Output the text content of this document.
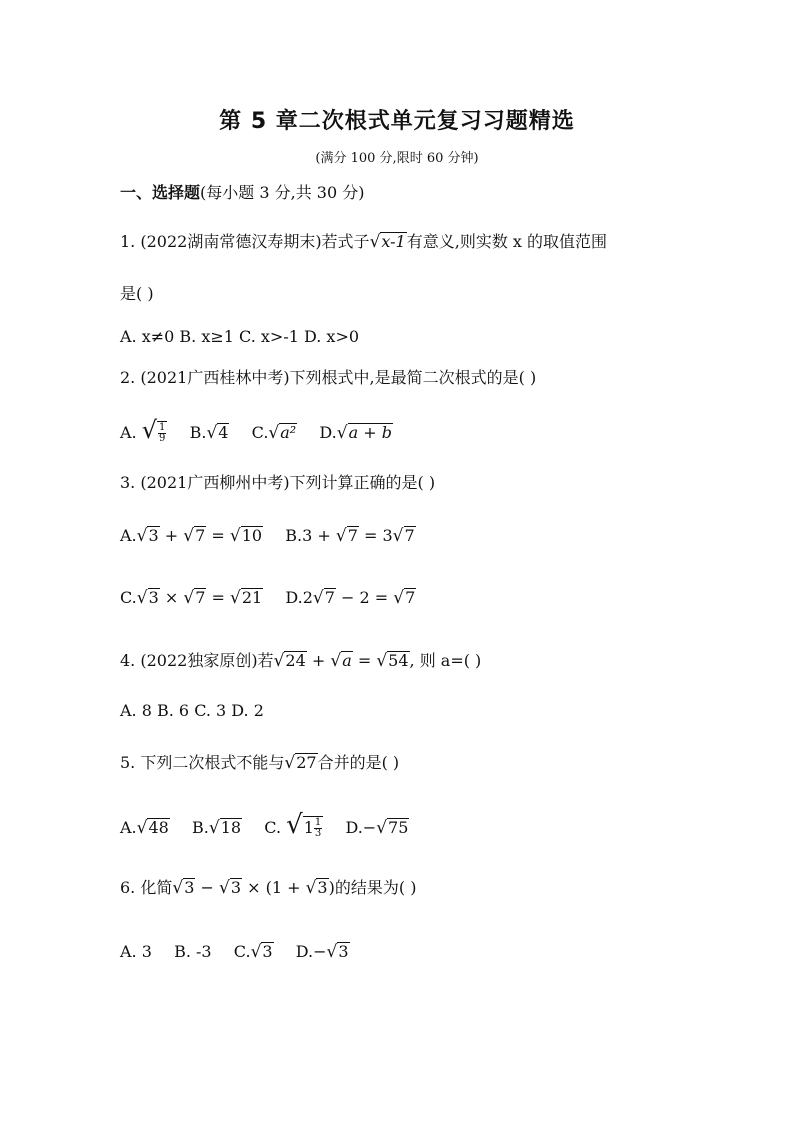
第 5 章二次根式单元复习习题精选
(满分 100 分,限时 60 分钟)
一、选择题(每小题 3 分,共 30 分)
1. (2022湖南常德汉寿期末)若式子√x-1有意义,则实数 x 的取值范围
是( )
A. x≠0 B. x≥1 C. x>-1 D. x>0
2. (2021广西桂林中考)下列根式中,是最简二次根式的是( )
A. √ $\frac{1}{9} B.√4$ C.√a² D.√a + b
3. (2021广西柳州中考)下列计算正确的是( )
A.√3 + √7 = √10 B.3 + √7 = 3√7
C.√3 × √7 = √21 D.2√7 − 2 = √7
4. (2022独家原创)若√24 + √a = √54, 则 a=( )
A. 8 B. 6 C. 3 D. 2
5. 下列二次根式不能与√27合并的是( )
A.√48 B.√18 C. $√1 \frac{1}{3} D.-√75$
6. 化简√3 − √3 × (1 + √3)的结果为( )
A. 3 B. -3 C.√3 D.−√3
